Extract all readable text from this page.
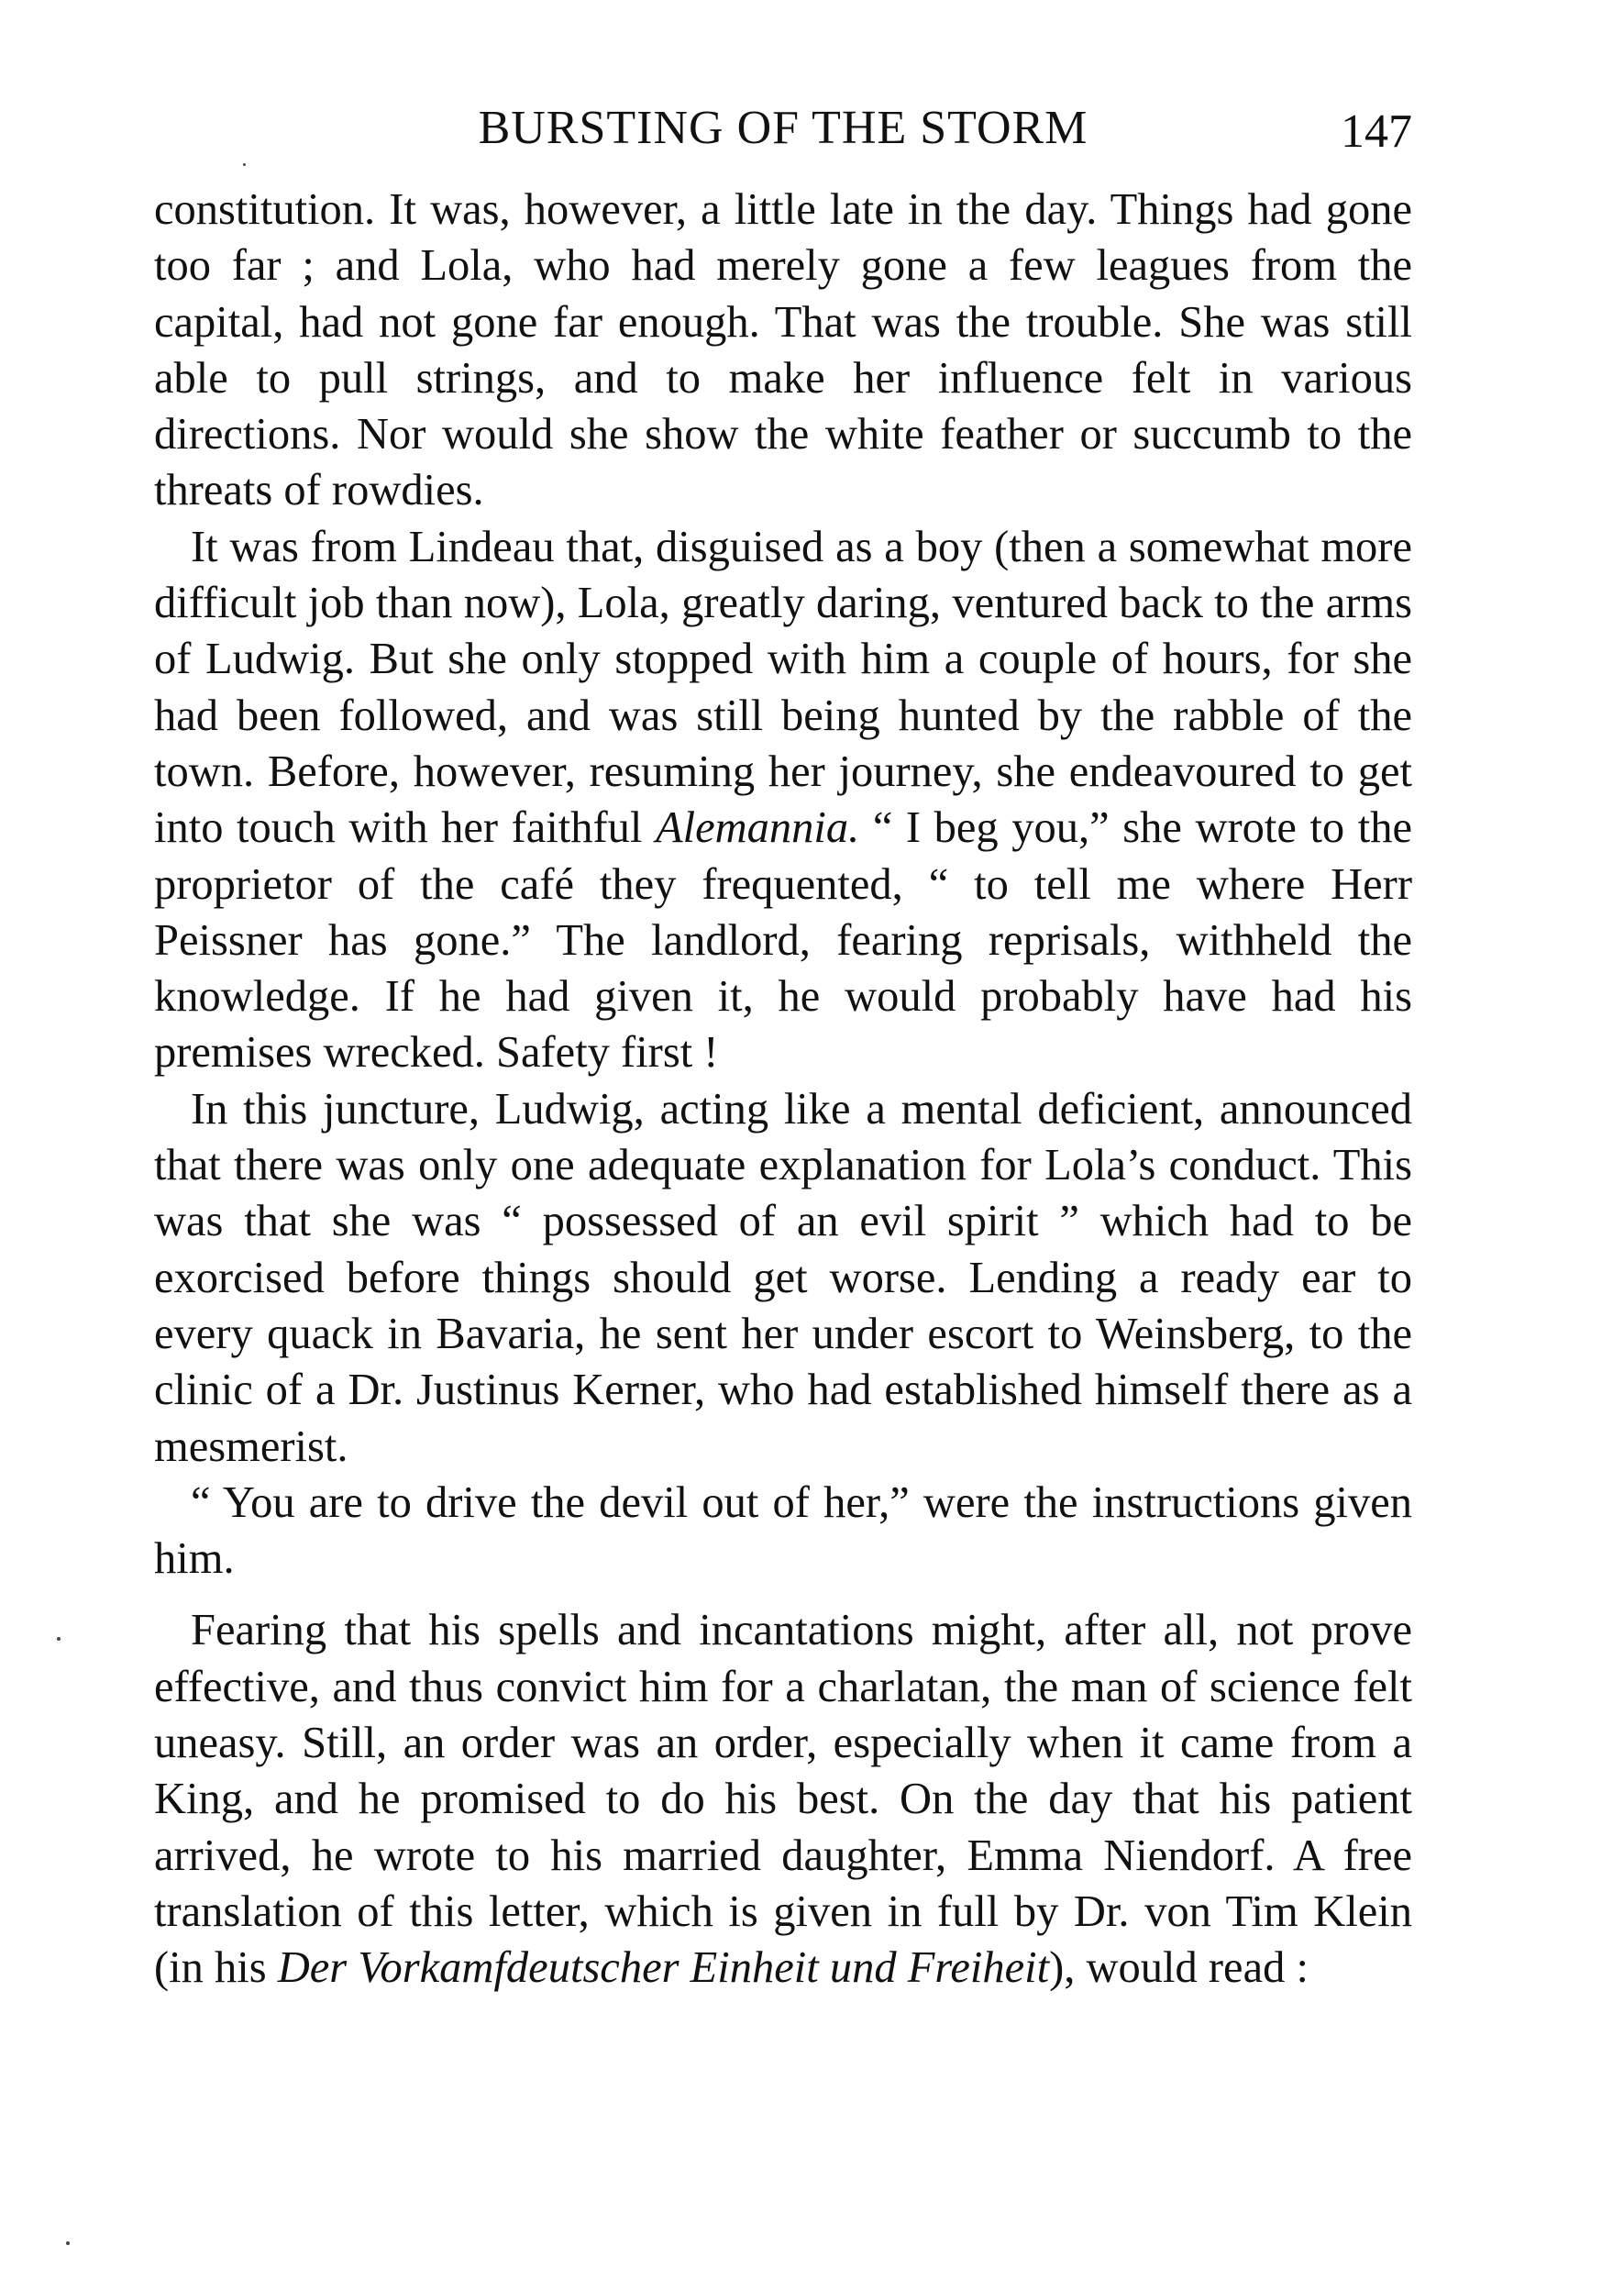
BURSTING OF THE STORM	147

constitution. It was, however, a little late in the day. Things had gone too far ; and Lola, who had merely gone a few leagues from the capital, had not gone far enough. That was the trouble. She was still able to pull strings, and to make her influence felt in various directions. Nor would she show the white feather or succumb to the threats of rowdies.

It was from Lindeau that, disguised as a boy (then a somewhat more difficult job than now), Lola, greatly daring, ventured back to the arms of Ludwig. But she only stopped with him a couple of hours, for she had been followed, and was still being hunted by the rabble of the town. Before, however, resuming her journey, she endeavoured to get into touch with her faithful Alemannia. “ I beg you,” she wrote to the proprietor of the café they frequented, “ to tell me where Herr Peissner has gone.” The landlord, fearing reprisals, withheld the knowledge. If he had given it, he would probably have had his premises wrecked. Safety first !

In this juncture, Ludwig, acting like a mental deficient, announced that there was only one adequate explanation for Lola’s conduct. This was that she was “ possessed of an evil spirit ” which had to be exorcised before things should get worse. Lending a ready ear to every quack in Bavaria, he sent her under escort to Weinsberg, to the clinic of a Dr. Justinus Kerner, who had established himself there as a mesmerist.

“ You are to drive the devil out of her,” were the instructions given him.

Fearing that his spells and incantations might, after all, not prove effective, and thus convict him for a charlatan, the man of science felt uneasy. Still, an order was an order, especially when it came from a King, and he promised to do his best. On the day that his patient arrived, he wrote to his married daughter, Emma Niendorf. A free translation of this letter, which is given in full by Dr. von Tim Klein (in his Der Vorkamfdeutscher Einheit und Freiheit), would read :
